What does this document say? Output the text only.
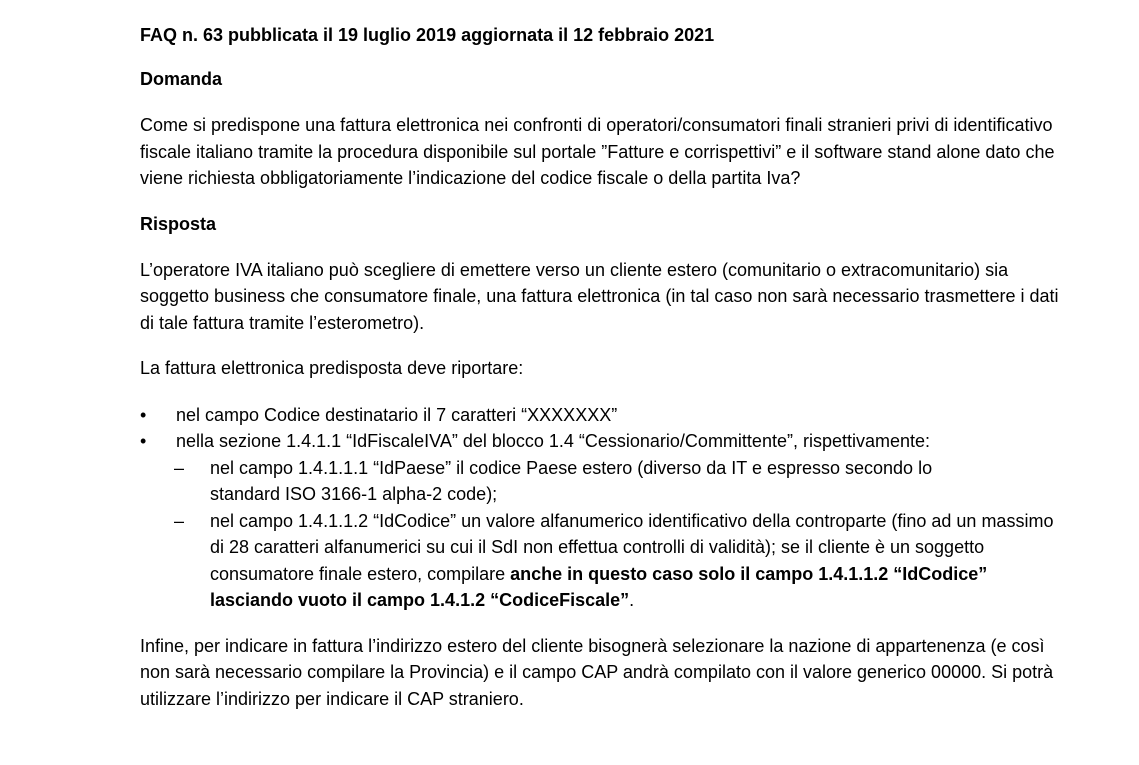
FAQ n. 63 pubblicata il 19 luglio 2019 aggiornata il 12 febbraio 2021

Domanda

Come si predispone una fattura elettronica nei confronti di operatori/consumatori finali stranieri privi di identificativo fiscale italiano tramite la procedura disponibile sul portale ”Fatture e corrispettivi” e il software stand alone dato che viene richiesta obbligatoriamente l’indicazione del codice fiscale o della partita Iva?

Risposta

L’operatore IVA italiano può scegliere di emettere verso un cliente estero (comunitario o extracomunitario) sia soggetto business che consumatore finale, una fattura elettronica (in tal caso non sarà necessario trasmettere i dati di tale fattura tramite l’esterometro).

La fattura elettronica predisposta deve riportare:

•	nel campo Codice destinatario il 7 caratteri “XXXXXXX”
•	nella sezione 1.4.1.1 “IdFiscaleIVA” del blocco 1.4 “Cessionario/Committente”, rispettivamente:
– nel campo 1.4.1.1.1 “IdPaese” il codice Paese estero (diverso da IT e espresso secondo lo standard ISO 3166-1 alpha-2 code);
– nel campo 1.4.1.1.2 “IdCodice” un valore alfanumerico identificativo della controparte (fino ad un massimo di 28 caratteri alfanumerici su cui il SdI non effettua controlli di validità); se il cliente è un soggetto consumatore finale estero, compilare anche in questo caso solo il campo 1.4.1.1.2 “IdCodice” lasciando vuoto il campo 1.4.1.2 “CodiceFiscale”.

Infine, per indicare in fattura l’indirizzo estero del cliente bisognerà selezionare la nazione di appartenenza (e così non sarà necessario compilare la Provincia) e il campo CAP andrà compilato con il valore generico 00000. Si potrà utilizzare l’indirizzo per indicare il CAP straniero.
